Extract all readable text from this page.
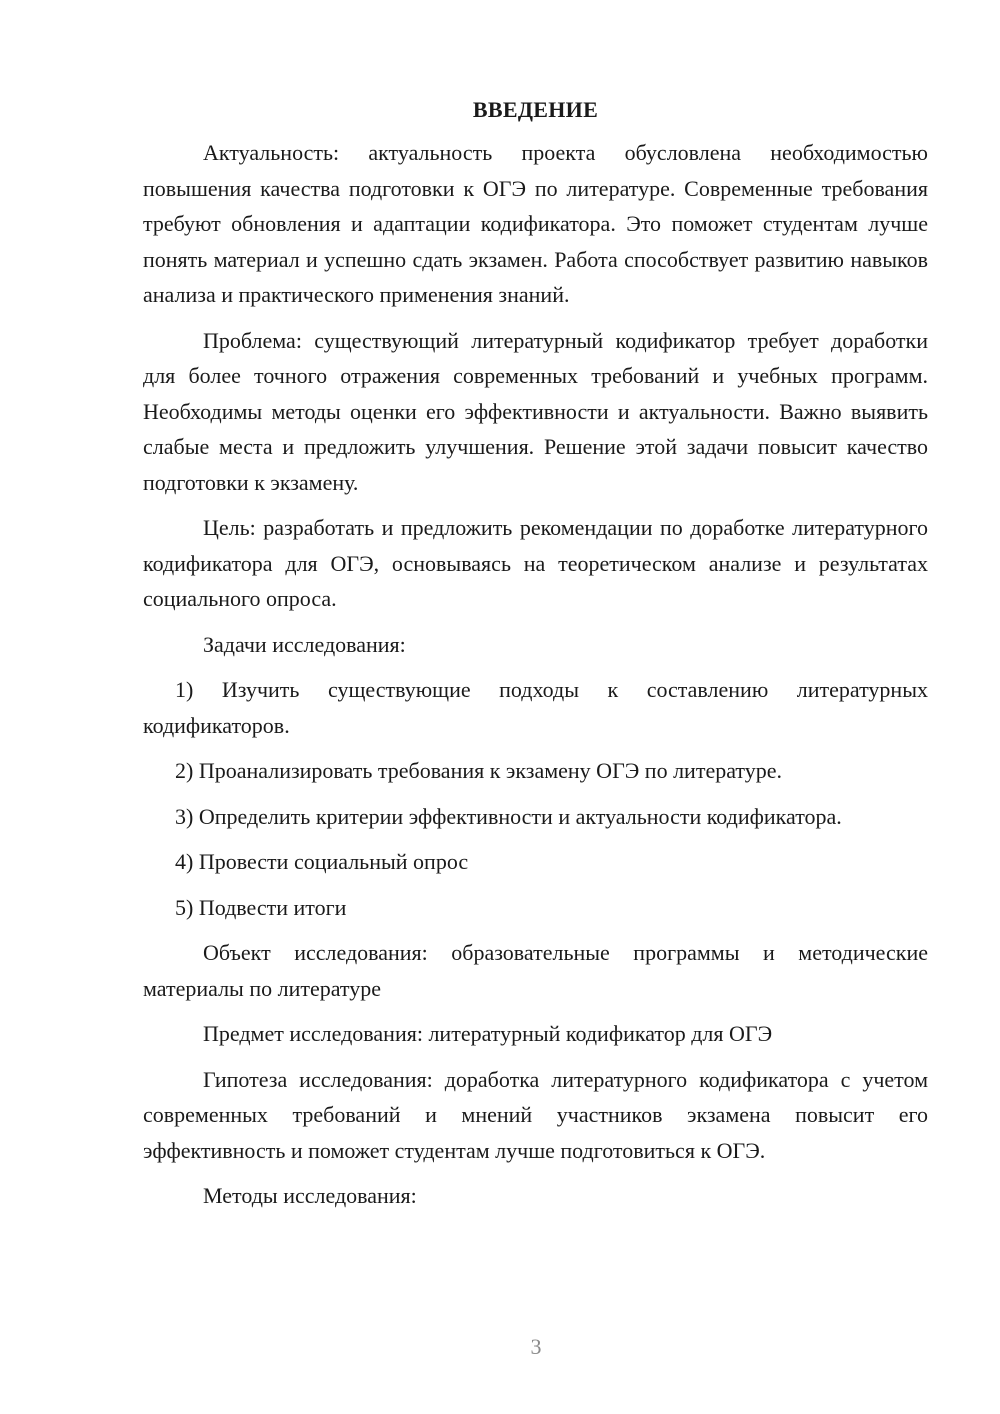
ВВЕДЕНИЕ

Актуальность: актуальность проекта обусловлена необходимостью повышения качества подготовки к ОГЭ по литературе. Современные требования требуют обновления и адаптации кодификатора. Это поможет студентам лучше понять материал и успешно сдать экзамен. Работа способствует развитию навыков анализа и практического применения знаний.

Проблема: существующий литературный кодификатор требует доработки для более точного отражения современных требований и учебных программ. Необходимы методы оценки его эффективности и актуальности. Важно выявить слабые места и предложить улучшения. Решение этой задачи повысит качество подготовки к экзамену.

Цель: разработать и предложить рекомендации по доработке литературного кодификатора для ОГЭ, основываясь на теоретическом анализе и результатах социального опроса.

Задачи исследования:

1) Изучить существующие подходы к составлению литературных кодификаторов.

2) Проанализировать требования к экзамену ОГЭ по литературе.

3) Определить критерии эффективности и актуальности кодификатора.

4) Провести социальный опрос

5) Подвести итоги

Объект исследования: образовательные программы и методические материалы по литературе

Предмет исследования: литературный кодификатор для ОГЭ

Гипотеза исследования: доработка литературного кодификатора с учетом современных требований и мнений участников экзамена повысит его эффективность и поможет студентам лучше подготовиться к ОГЭ.

Методы исследования:

3
